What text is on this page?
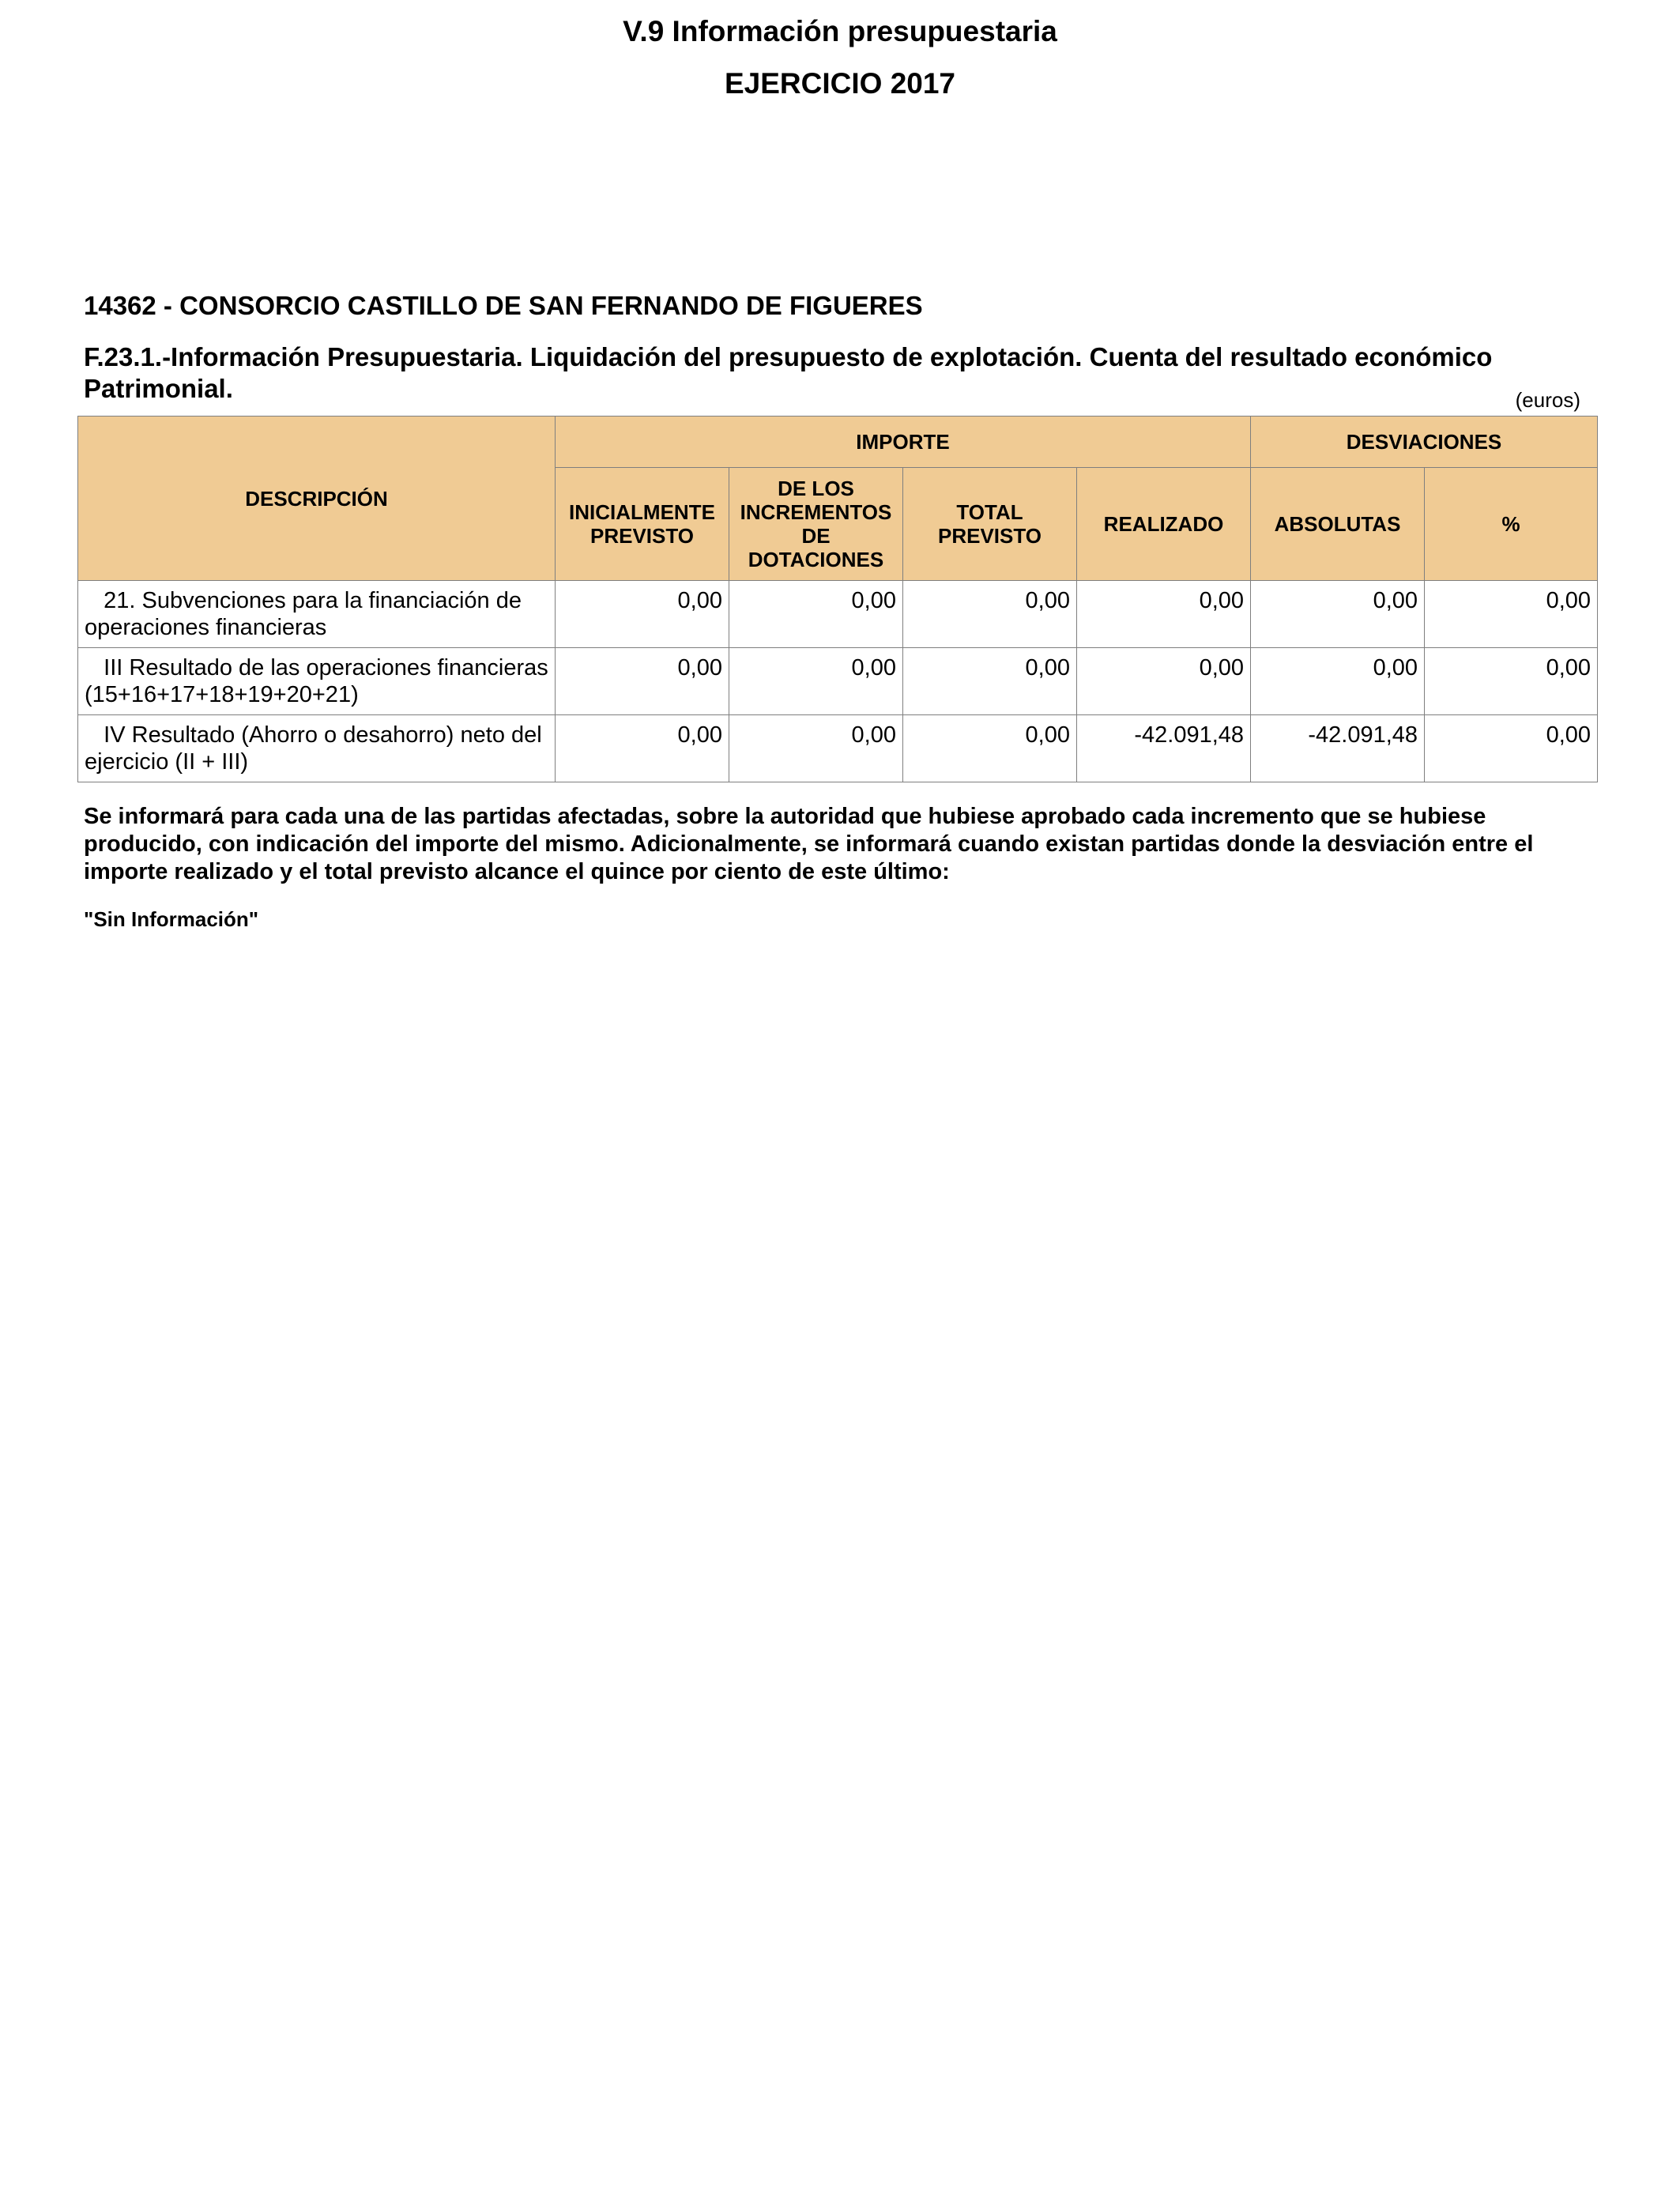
V.9 Información presupuestaria
EJERCICIO 2017
14362 - CONSORCIO CASTILLO DE SAN FERNANDO DE FIGUERES
F.23.1.-Información Presupuestaria. Liquidación del presupuesto de explotación. Cuenta del resultado económico Patrimonial.	(euros)
DESCRIPCIÓN	IMPORTE				DESVIACIONES	
	INICIALMENTE PREVISTO	DE LOS INCREMENTOS DE DOTACIONES	TOTAL PREVISTO	REALIZADO	ABSOLUTAS	%
21. Subvenciones para la financiación de operaciones financieras	0,00	0,00	0,00	0,00	0,00	0,00
III Resultado de las operaciones financieras (15+16+17+18+19+20+21)	0,00	0,00	0,00	0,00	0,00	0,00
IV Resultado (Ahorro o desahorro) neto del ejercicio (II + III)	0,00	0,00	0,00	-42.091,48	-42.091,48	0,00
Se informará para cada una de las partidas afectadas, sobre la autoridad que hubiese aprobado cada incremento que se hubiese producido, con indicación del importe del mismo. Adicionalmente, se informará cuando existan partidas donde la desviación entre el importe realizado y el total previsto alcance el quince por ciento de este último:
"Sin Información"
